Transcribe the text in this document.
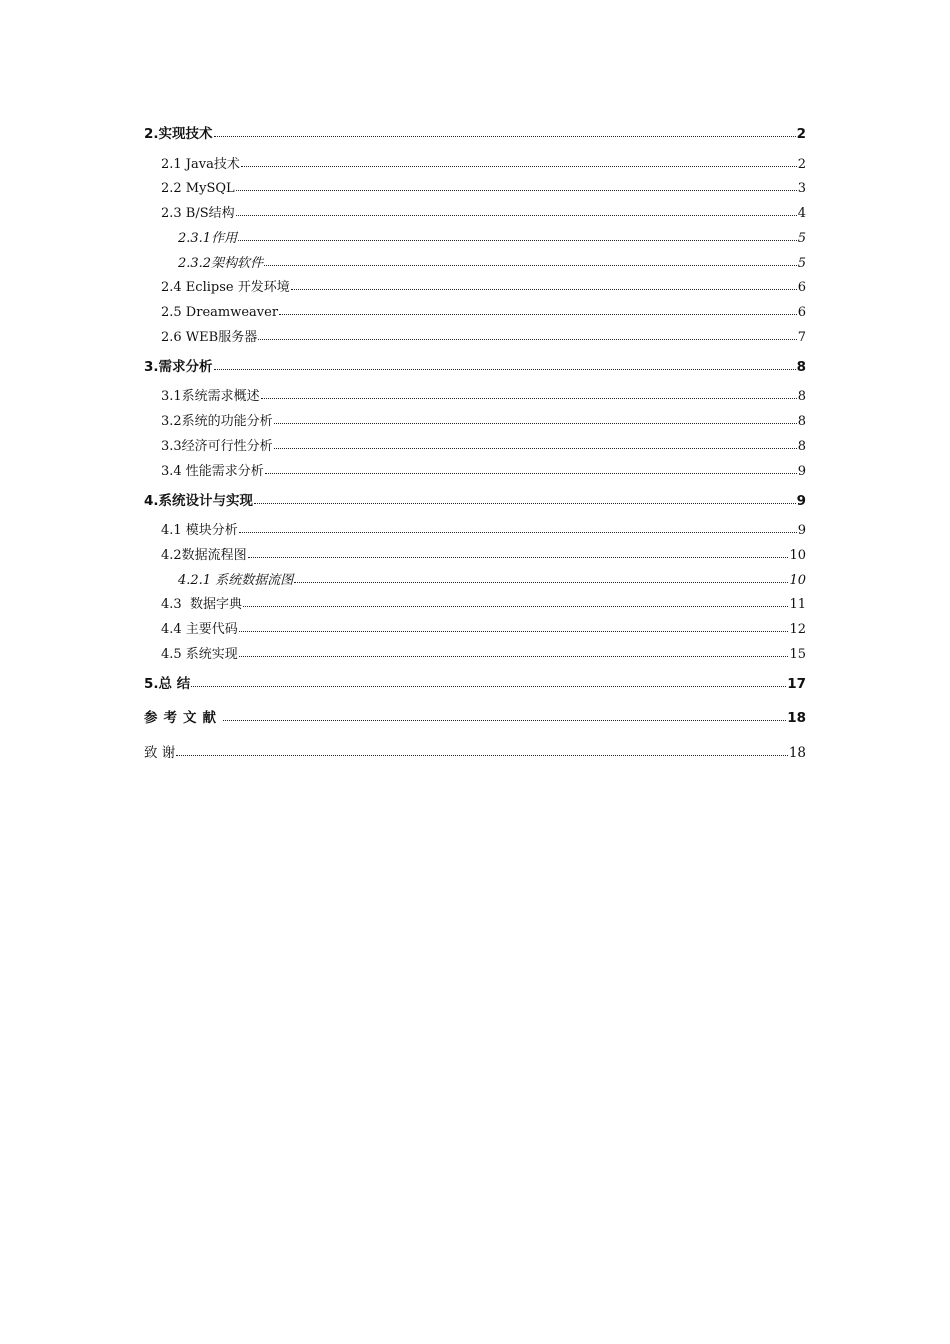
2.实现技术	2
2.1 Java技术	2
2.2 MySQL	3
2.3 B/S结构	4
2.3.1作用	5
2.3.2架构软件	5
2.4 Eclipse 开发环境	6
2.5 Dreamweaver	6
2.6 WEB服务器	7
3.需求分析	8
3.1系统需求概述	8
3.2系统的功能分析	8
3.3经济可行性分析	8
3.4 性能需求分析	9
4.系统设计与实现	9
4.1 模块分析	9
4.2数据流程图	10
4.2.1 系统数据流图	10
4.3  数据字典	11
4.4 主要代码	12
4.5 系统实现	15
5.总 结	17
参考文献	18
致 谢	18
